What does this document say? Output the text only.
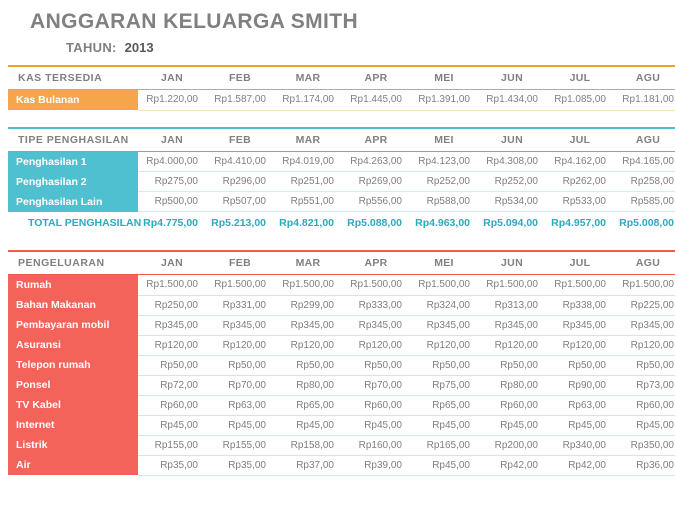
ANGGARAN KELUARGA SMITH
TAHUN: 2013
KAS TERSEDIA	JAN	FEB	MAR	APR	MEI	JUN	JUL	AGU
Kas Bulanan	Rp1.220,00	Rp1.587,00	Rp1.174,00	Rp1.445,00	Rp1.391,00	Rp1.434,00	Rp1.085,00	Rp1.181,00
TIPE PENGHASILAN	JAN	FEB	MAR	APR	MEI	JUN	JUL	AGU
Penghasilan 1	Rp4.000,00	Rp4.410,00	Rp4.019,00	Rp4.263,00	Rp4.123,00	Rp4.308,00	Rp4.162,00	Rp4.165,00
Penghasilan 2	Rp275,00	Rp296,00	Rp251,00	Rp269,00	Rp252,00	Rp252,00	Rp262,00	Rp258,00
Penghasilan Lain	Rp500,00	Rp507,00	Rp551,00	Rp556,00	Rp588,00	Rp534,00	Rp533,00	Rp585,00
TOTAL PENGHASILAN	Rp4.775,00	Rp5.213,00	Rp4.821,00	Rp5.088,00	Rp4.963,00	Rp5.094,00	Rp4.957,00	Rp5.008,00
PENGELUARAN	JAN	FEB	MAR	APR	MEI	JUN	JUL	AGU
Rumah	Rp1.500,00	Rp1.500,00	Rp1.500,00	Rp1.500,00	Rp1.500,00	Rp1.500,00	Rp1.500,00	Rp1.500,00
Bahan Makanan	Rp250,00	Rp331,00	Rp299,00	Rp333,00	Rp324,00	Rp313,00	Rp338,00	Rp225,00
Pembayaran mobil	Rp345,00	Rp345,00	Rp345,00	Rp345,00	Rp345,00	Rp345,00	Rp345,00	Rp345,00
Asuransi	Rp120,00	Rp120,00	Rp120,00	Rp120,00	Rp120,00	Rp120,00	Rp120,00	Rp120,00
Telepon rumah	Rp50,00	Rp50,00	Rp50,00	Rp50,00	Rp50,00	Rp50,00	Rp50,00	Rp50,00
Ponsel	Rp72,00	Rp70,00	Rp80,00	Rp70,00	Rp75,00	Rp80,00	Rp90,00	Rp73,00
TV Kabel	Rp60,00	Rp63,00	Rp65,00	Rp60,00	Rp65,00	Rp60,00	Rp63,00	Rp60,00
Internet	Rp45,00	Rp45,00	Rp45,00	Rp45,00	Rp45,00	Rp45,00	Rp45,00	Rp45,00
Listrik	Rp155,00	Rp155,00	Rp158,00	Rp160,00	Rp165,00	Rp200,00	Rp340,00	Rp350,00
Air	Rp35,00	Rp35,00	Rp37,00	Rp39,00	Rp45,00	Rp42,00	Rp42,00	Rp36,00
